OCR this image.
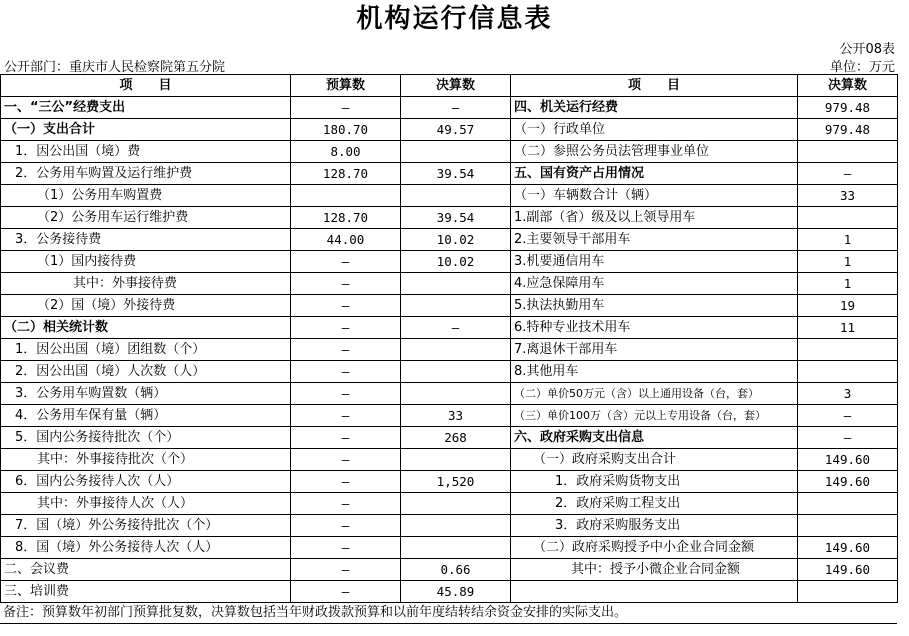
机构运行信息表
公开08表
公开部门：重庆市人民检察院第五分院	单位：万元
项　　目	预算数	决算数	项　　目	决算数
一、“三公”经费支出	—	—	四、机关运行经费	979.48
（一）支出合计	180.70	49.57	（一）行政单位	979.48
1．因公出国（境）费	8.00		（二）参照公务员法管理事业单位	
2．公务用车购置及运行维护费	128.70	39.54	五、国有资产占用情况	—
（1）公务用车购置费			（一）车辆数合计（辆）	33
（2）公务用车运行维护费	128.70	39.54	1.副部（省）级及以上领导用车	
3．公务接待费	44.00	10.02	2.主要领导干部用车	1
（1）国内接待费	—	10.02	3.机要通信用车	1
其中：外事接待费	—		4.应急保障用车	1
（2）国（境）外接待费	—		5.执法执勤用车	19
（二）相关统计数	—	—	6.特种专业技术用车	11
1．因公出国（境）团组数（个）	—		7.离退休干部用车	
2．因公出国（境）人次数（人）	—		8.其他用车	
3．公务用车购置数（辆）	—		（二）单价50万元（含）以上通用设备（台，套）	3
4．公务用车保有量（辆）	—	33	（三）单价100万（含）元以上专用设备（台，套）	—
5．国内公务接待批次（个）	—	268	六、政府采购支出信息	—
其中：外事接待批次（个）	—		（一）政府采购支出合计	149.60
6．国内公务接待人次（人）	—	1,520	1．政府采购货物支出	149.60
其中：外事接待人次（人）	—		2．政府采购工程支出	
7．国（境）外公务接待批次（个）	—		3．政府采购服务支出	
8．国（境）外公务接待人次（人）	—		（二）政府采购授予中小企业合同金额	149.60
二、会议费	—	0.66	其中：授予小微企业合同金额	149.60
三、培训费	—	45.89		
备注：预算数年初部门预算批复数，决算数包括当年财政拨款预算和以前年度结转结余资金安排的实际支出。
